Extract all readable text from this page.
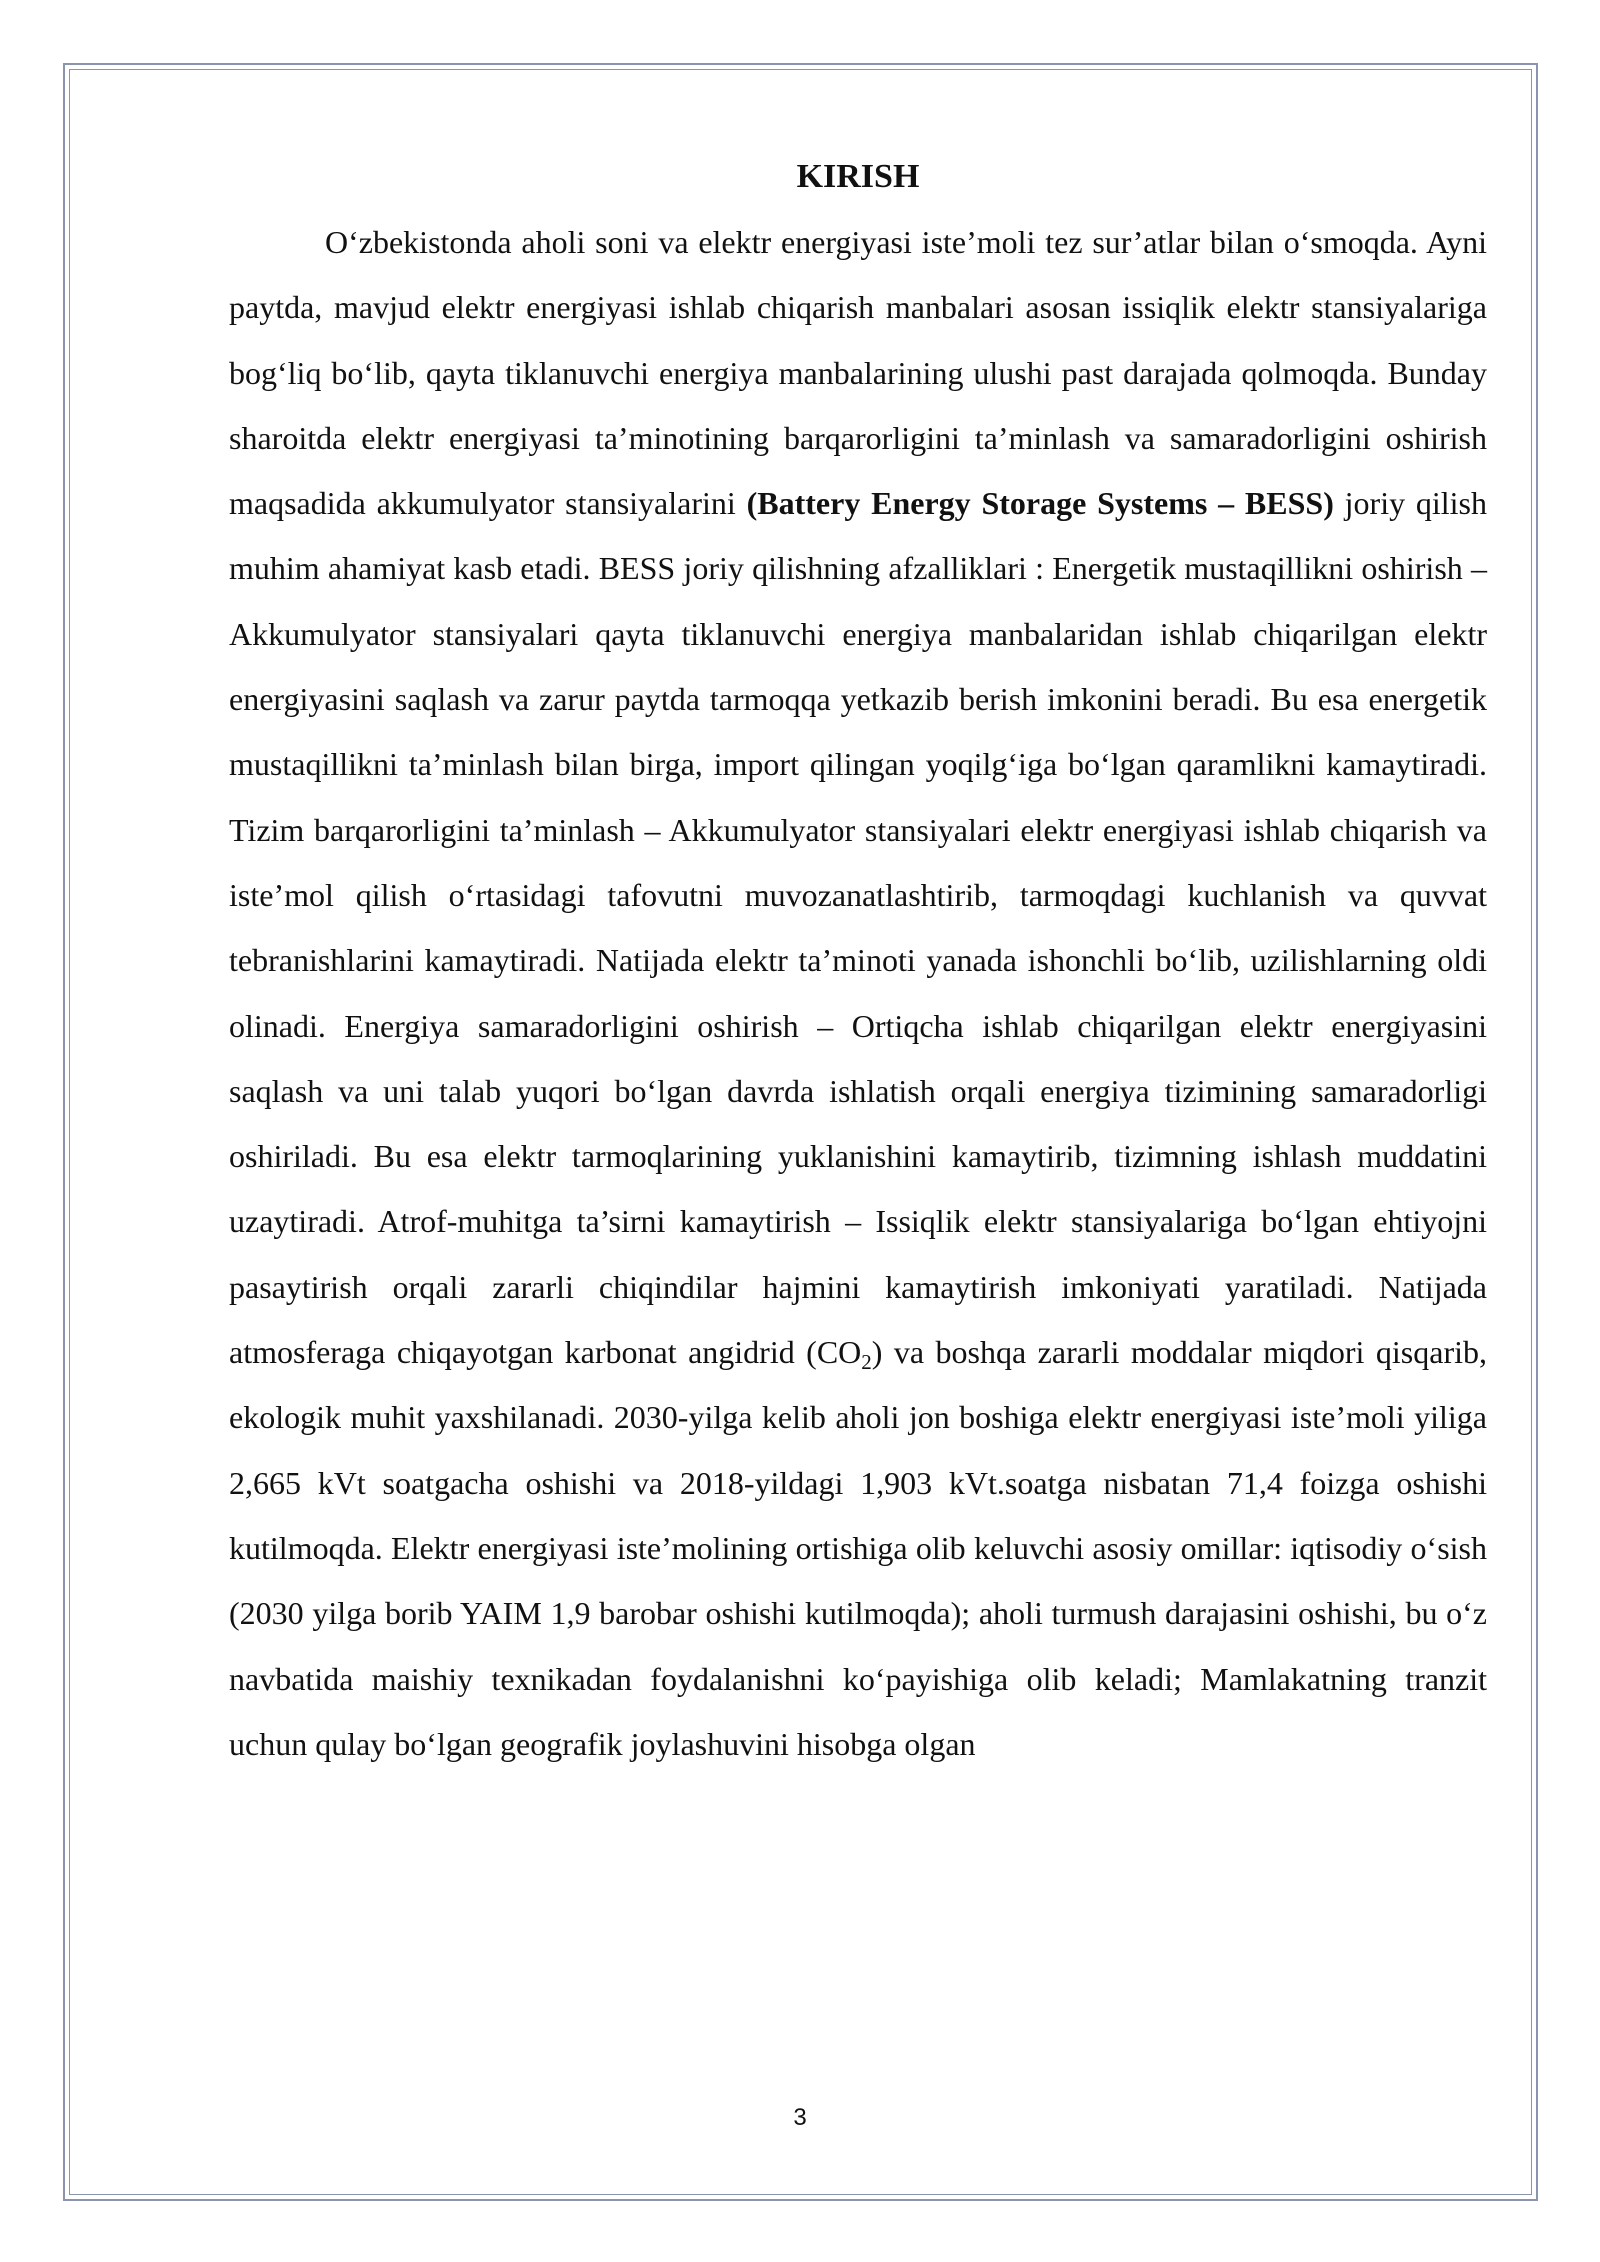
KIRISH

O‘zbekistonda aholi soni va elektr energiyasi iste’moli tez sur’atlar bilan o‘smoqda. Ayni paytda, mavjud elektr energiyasi ishlab chiqarish manbalari asosan issiqlik elektr stansiyalariga bog‘liq bo‘lib, qayta tiklanuvchi energiya manbalarining ulushi past darajada qolmoqda. Bunday sharoitda elektr energiyasi ta’minotining barqarorligini ta’minlash va samaradorligini oshirish maqsadida akkumulyator stansiyalarini (Battery Energy Storage Systems – BESS) joriy qilish muhim ahamiyat kasb etadi. BESS joriy qilishning afzalliklari : Energetik mustaqillikni oshirish – Akkumulyator stansiyalari qayta tiklanuvchi energiya manbalaridan ishlab chiqarilgan elektr energiyasini saqlash va zarur paytda tarmoqqa yetkazib berish imkonini beradi. Bu esa energetik mustaqillikni ta’minlash bilan birga, import qilingan yoqilg‘iga bo‘lgan qaramlikni kamaytiradi. Tizim barqarorligini ta’minlash – Akkumulyator stansiyalari elektr energiyasi ishlab chiqarish va iste’mol qilish o‘rtasidagi tafovutni muvozanatlashtirib, tarmoqdagi kuchlanish va quvvat tebranishlarini kamaytiradi. Natijada elektr ta’minoti yanada ishonchli bo‘lib, uzilishlarning oldi olinadi. Energiya samaradorligini oshirish – Ortiqcha ishlab chiqarilgan elektr energiyasini saqlash va uni talab yuqori bo‘lgan davrda ishlatish orqali energiya tizimining samaradorligi oshiriladi. Bu esa elektr tarmoqlarining yuklanishini kamaytirib, tizimning ishlash muddatini uzaytiradi. Atrof-muhitga ta’sirni kamaytirish – Issiqlik elektr stansiyalariga bo‘lgan ehtiyojni pasaytirish orqali zararli chiqindilar hajmini kamaytirish imkoniyati yaratiladi. Natijada atmosferaga chiqayotgan karbonat angidrid $(CO_2)$ va boshqa zararli moddalar miqdori qisqarib, ekologik muhit yaxshilanadi. 2030-yilga kelib aholi jon boshiga elektr energiyasi iste’moli yiliga 2,665 kVt soatgacha oshishi va 2018-yildagi 1,903 kVt.soatga nisbatan 71,4 foizga oshishi kutilmoqda. Elektr energiyasi iste’molining ortishiga olib keluvchi asosiy omillar: iqtisodiy o‘sish (2030 yilga borib YAIM 1,9 barobar oshishi kutilmoqda); aholi turmush darajasini oshishi, bu o‘z navbatida maishiy texnikadan foydalanishni ko‘payishiga olib keladi; Mamlakatning tranzit uchun qulay bo‘lgan geografik joylashuvini hisobga olgan

3
